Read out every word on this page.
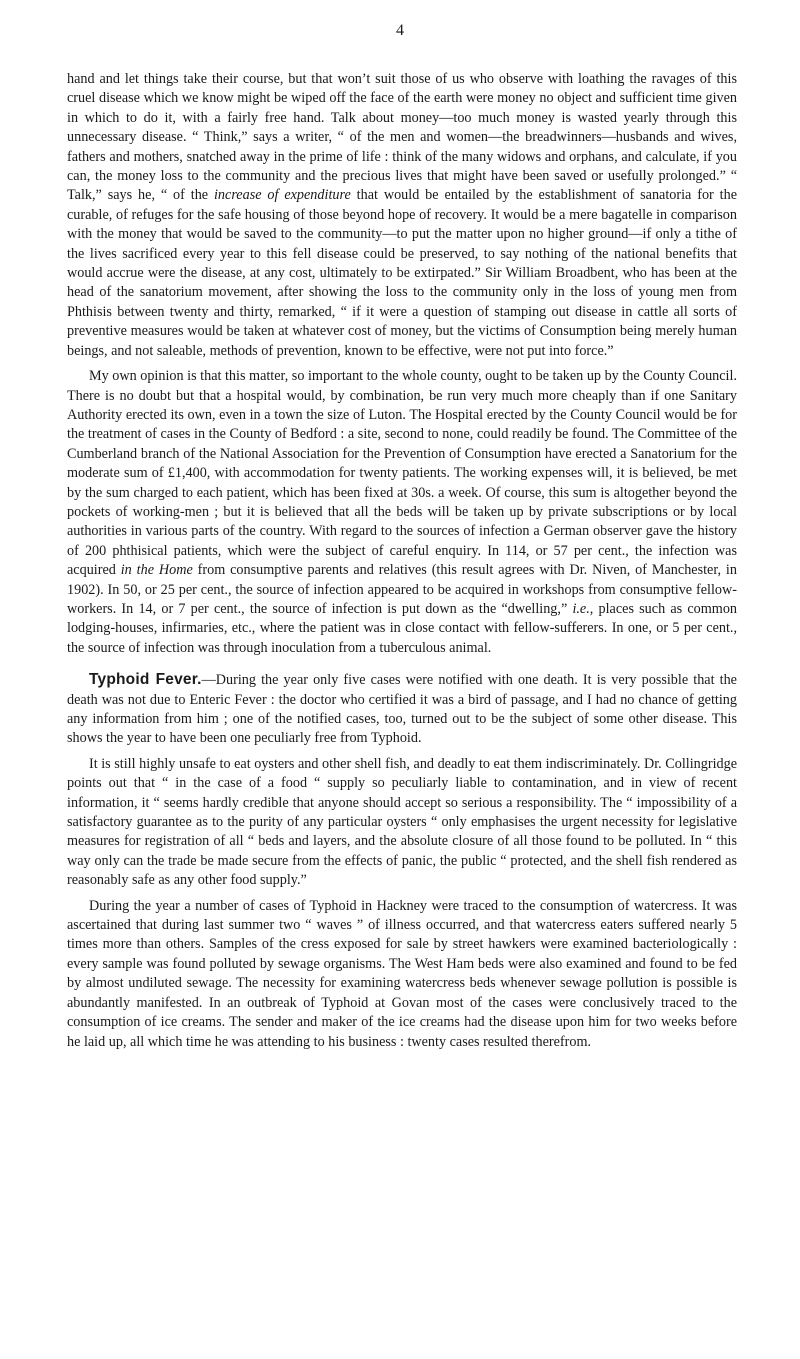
4

hand and let things take their course, but that won’t suit those of us who observe with loathing the ravages of this cruel disease which we know might be wiped off the face of the earth were money no object and sufficient time given in which to do it, with a fairly free hand. Talk about money—too much money is wasted yearly through this unnecessary disease. “ Think,” says a writer, “ of the men and women—the breadwinners—husbands and wives, fathers and mothers, snatched away in the prime of life : think of the many widows and orphans, and calculate, if you can, the money loss to the community and the precious lives that might have been saved or usefully prolonged.” “ Talk,” says he, “ of the increase of expenditure that would be entailed by the establishment of sanatoria for the curable, of refuges for the safe housing of those beyond hope of recovery. It would be a mere bagatelle in comparison with the money that would be saved to the community—to put the matter upon no higher ground—if only a tithe of the lives sacrificed every year to this fell disease could be preserved, to say nothing of the national benefits that would accrue were the disease, at any cost, ultimately to be extirpated.” Sir William Broadbent, who has been at the head of the sanatorium movement, after showing the loss to the community only in the loss of young men from Phthisis between twenty and thirty, remarked, “ if it were a question of stamping out disease in cattle all sorts of preventive measures would be taken at whatever cost of money, but the victims of Consumption being merely human beings, and not saleable, methods of prevention, known to be effective, were not put into force.”

My own opinion is that this matter, so important to the whole county, ought to be taken up by the County Council. There is no doubt but that a hospital would, by combination, be run very much more cheaply than if one Sanitary Authority erected its own, even in a town the size of Luton. The Hospital erected by the County Council would be for the treatment of cases in the County of Bedford : a site, second to none, could readily be found. The Committee of the Cumberland branch of the National Association for the Prevention of Consumption have erected a Sanatorium for the moderate sum of £1,400, with accommodation for twenty patients. The working expenses will, it is believed, be met by the sum charged to each patient, which has been fixed at 30s. a week. Of course, this sum is altogether beyond the pockets of working-men ; but it is believed that all the beds will be taken up by private subscriptions or by local authorities in various parts of the country. With regard to the sources of infection a German observer gave the history of 200 phthisical patients, which were the subject of careful enquiry. In 114, or 57 per cent., the infection was acquired in the Home from consumptive parents and relatives (this result agrees with Dr. Niven, of Manchester, in 1902). In 50, or 25 per cent., the source of infection appeared to be acquired in workshops from consumptive fellow-workers. In 14, or 7 per cent., the source of infection is put down as the “dwelling,” i.e., places such as common lodging-houses, infirmaries, etc., where the patient was in close contact with fellow-sufferers. In one, or 5 per cent., the source of infection was through inoculation from a tuberculous animal.

Typhoid Fever.—During the year only five cases were notified with one death. It is very possible that the death was not due to Enteric Fever : the doctor who certified it was a bird of passage, and I had no chance of getting any information from him ; one of the notified cases, too, turned out to be the subject of some other disease. This shows the year to have been one peculiarly free from Typhoid.

It is still highly unsafe to eat oysters and other shell fish, and deadly to eat them indiscriminately. Dr. Collingridge points out that “ in the case of a food “ supply so peculiarly liable to contamination, and in view of recent information, it “ seems hardly credible that anyone should accept so serious a responsibility. The “ impossibility of a satisfactory guarantee as to the purity of any particular oysters “ only emphasises the urgent necessity for legislative measures for registration of all “ beds and layers, and the absolute closure of all those found to be polluted. In “ this way only can the trade be made secure from the effects of panic, the public “ protected, and the shell fish rendered as reasonably safe as any other food supply.”

During the year a number of cases of Typhoid in Hackney were traced to the consumption of watercress. It was ascertained that during last summer two “ waves ” of illness occurred, and that watercress eaters suffered nearly 5 times more than others. Samples of the cress exposed for sale by street hawkers were examined bacteriologically : every sample was found polluted by sewage organisms. The West Ham beds were also examined and found to be fed by almost undiluted sewage. The necessity for examining watercress beds whenever sewage pollution is possible is abundantly manifested. In an outbreak of Typhoid at Govan most of the cases were conclusively traced to the consumption of ice creams. The sender and maker of the ice creams had the disease upon him for two weeks before he laid up, all which time he was attending to his business : twenty cases resulted therefrom.
